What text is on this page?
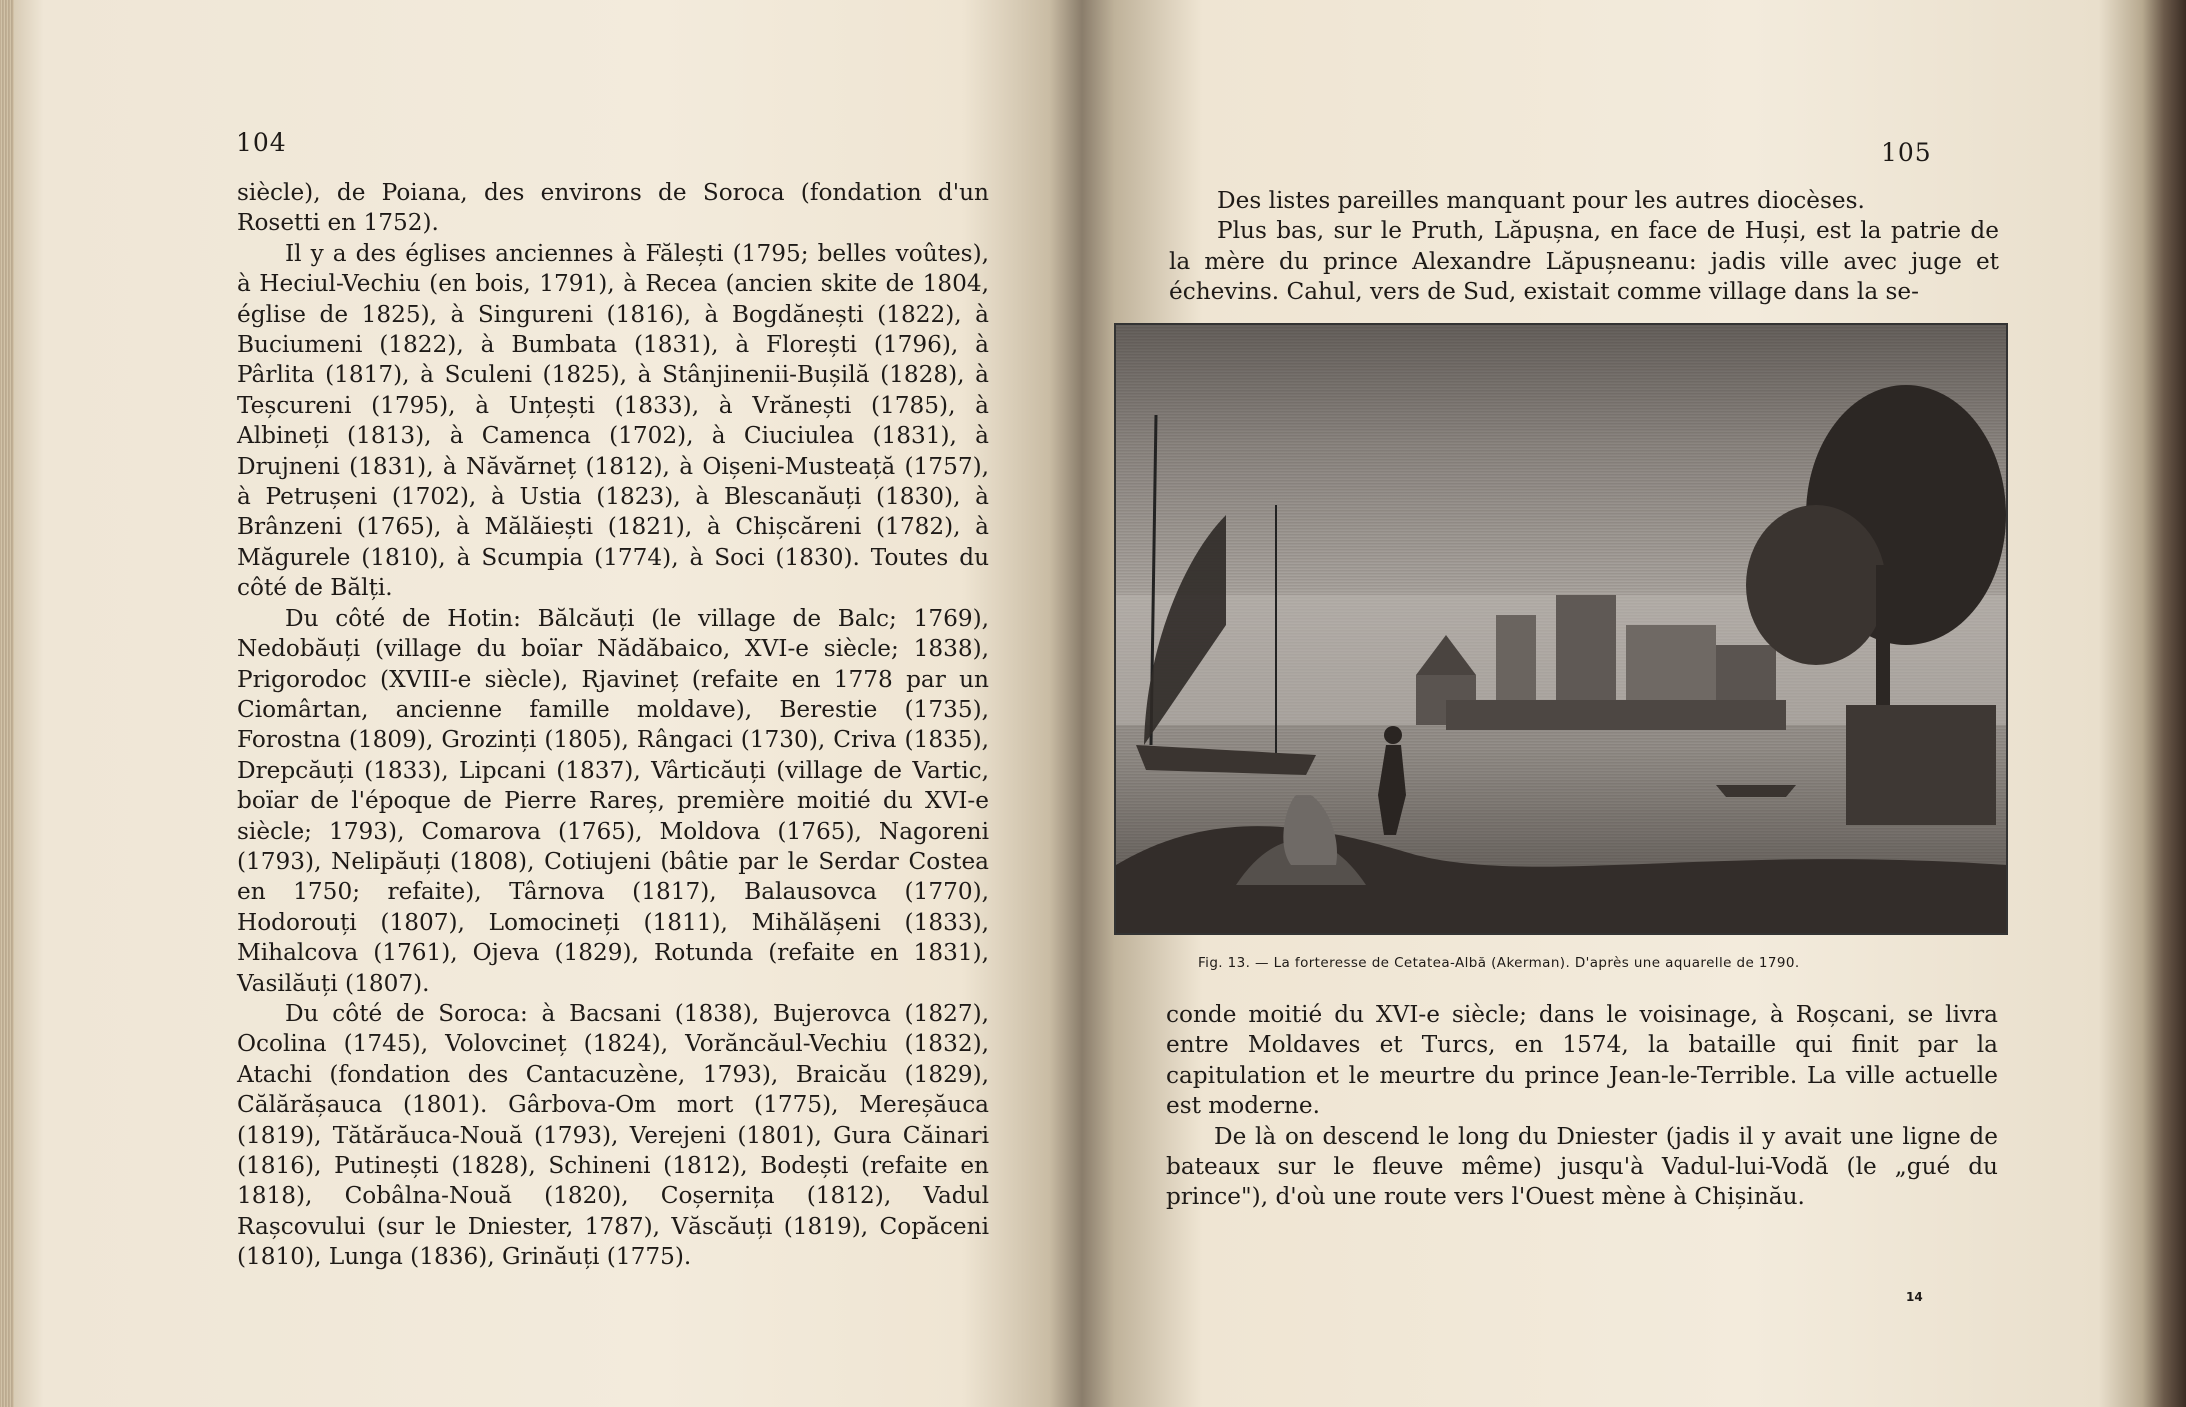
104

siècle), de Poiana, des environs de Soroca (fondation d'un Rosetti en 1752).

Il y a des églises anciennes à Fălești (1795; belles voûtes), à Heciul-Vechiu (en bois, 1791), à Recea (ancien skite de 1804, église de 1825), à Singureni (1816), à Bogdănești (1822), à Buciumeni (1822), à Bumbata (1831), à Florești (1796), à Pârlita (1817), à Sculeni (1825), à Stânjinenii-Bușilă (1828), à Teșcureni (1795), à Unțești (1833), à Vrănești (1785), à Albineți (1813), à Camenca (1702), à Ciuciulea (1831), à Drujneni (1831), à Năvărneț (1812), à Oișeni-Musteață (1757), à Petrușeni (1702), à Ustia (1823), à Blescanăuți (1830), à Brânzeni (1765), à Mălăiești (1821), à Chișcăreni (1782), à Măgurele (1810), à Scumpia (1774), à Soci (1830). Toutes du côté de Bălți.

Du côté de Hotin: Bălcăuți (le village de Balc; 1769), Nedobăuți (village du boïar Nădăbaico, XVI-e siècle; 1838), Prigorodoc (XVIII-e siècle), Rjavineț (refaite en 1778 par un Ciomârtan, ancienne famille moldave), Berestie (1735), Forostna (1809), Grozinți (1805), Rângaci (1730), Criva (1835), Drepcăuți (1833), Lipcani (1837), Vârticăuți (village de Vartic, boïar de l'époque de Pierre Rareș, première moitié du XVI-e siècle; 1793), Comarova (1765), Moldova (1765), Nagoreni (1793), Nelipăuți (1808), Cotiujeni (bâtie par le Serdar Costea en 1750; refaite), Târnova (1817), Balausovca (1770), Hodorouți (1807), Lomocineți (1811), Mihălășeni (1833), Mihalcova (1761), Ojeva (1829), Rotunda (refaite en 1831), Vasilăuți (1807).

Du côté de Soroca: à Bacsani (1838), Bujerovca (1827), Ocolina (1745), Volovcineț (1824), Vorăncăul-Vechiu (1832), Atachi (fondation des Cantacuzène, 1793), Braicău (1829), Călărășauca (1801). Gârbova-Om mort (1775), Mereșăuca (1819), Tătărăuca-Nouă (1793), Verejeni (1801), Gura Căinari (1816), Putinești (1828), Schineni (1812), Bodești (refaite en 1818), Cobâlna-Nouă (1820), Coșernița (1812), Vadul Rașcovului (sur le Dniester, 1787), Văscăuți (1819), Copăceni (1810), Lunga (1836), Grinăuți (1775).

105

Des listes pareilles manquant pour les autres diocèses.

Plus bas, sur le Pruth, Lăpușna, en face de Huși, est la patrie de la mère du prince Alexandre Lăpușneanu: jadis ville avec juge et échevins. Cahul, vers de Sud, existait comme village dans la se-

Fig. 13. — La forteresse de Cetatea-Albă (Akerman). D'après une aquarelle de 1790.

conde moitié du XVI-e siècle; dans le voisinage, à Roșcani, se livra entre Moldaves et Turcs, en 1574, la bataille qui finit par la capitulation et le meurtre du prince Jean-le-Terrible. La ville actuelle est moderne.

De là on descend le long du Dniester (jadis il y avait une ligne de bateaux sur le fleuve même) jusqu'à Vadul-lui-Vodă (le „gué du prince"), d'où une route vers l'Ouest mène à Chișinău.

14
